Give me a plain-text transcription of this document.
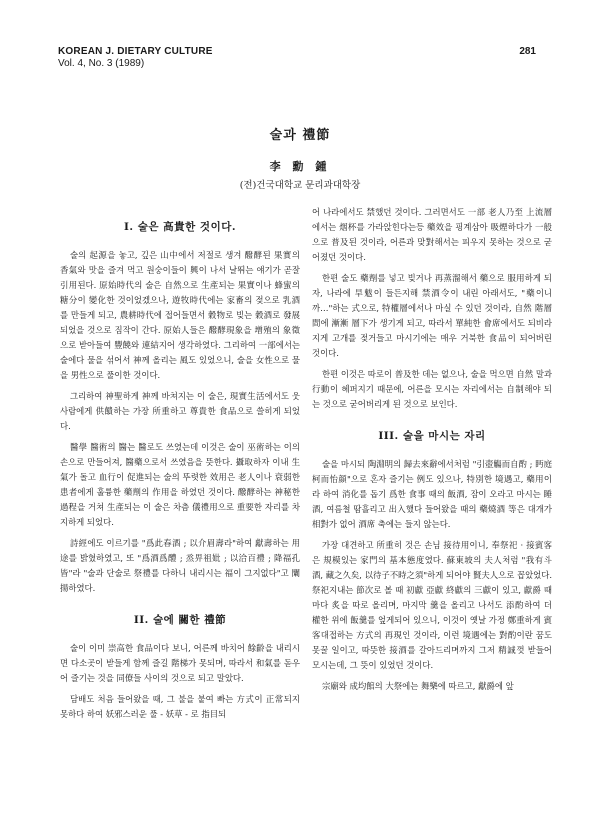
KOREAN J. DIETARY CULTURE
Vol. 4, No. 3 (1989)
281
술과 禮節
李 勳 鍾
(전)건국대학교 문리과대학장
I. 술은 高貴한 것이다.

술의 起源을 놓고, 깊은 山中에서 저절로 생겨 醱酵된 果實의 香氣와 맛을 즐겨 먹고 원숭이들이 興이 나서 날뛰는 얘기가 곧잘 引用된다. 原始時代의 술은 自然으로 生產되는 果實이나 蜂蜜의 糖分이 變化한 것이었겠으나, 遊牧時代에는 家畜의 젖으로 乳酒를 만들게 되고, 農耕時代에 접어들면서 穀物로 빚는 穀酒로 發展되었을 것으로 짐작이 간다. 原始人들은 醱酵現象을 增殖의 象徵으로 받아들여 豐饒와 連結지어 생각하였다. 그리하여 一部에서는 술에다 물을 섞어서 神께 올리는 風도 있었으니, 술을 女性으로 물을 男性으로 풀이한 것이다.

그리하여 神聖하게 神께 바쳐지는 이 술은, 現實生活에서도 웃사람에게 供饋하는 가장 所重하고 尊貴한 食品으로 쓸히게 되었다.

醫學 醫術의 醫는 醫로도 쓰였는데 이것은 술이 巫術하는 이의 손으로 만들어져, 醫藥으로서 쓰였음을 뜻한다. 攝取하자 이내 生氣가 돌고 血行이 促進되는 술의 뚜렷한 效用은 老人이나 衰弱한 患者에게 훌륭한 藥劑의 作用을 하였던 것이다. 醱酵하는 神秘한 過程을 거쳐 生產되는 이 술은 차츰 儀禮用으로 重要한 자리를 차지하게 되었다.

詩經에도 이르기를 "爲此春酒 ; 以介眉壽라"하여 獻壽하는 用途를 밝혔하였고, 또 "爲酒爲醴 ; 烝畀祖妣 ; 以洽百禮 ; 降福孔皆"라 "술과 단술로 祭禮를 다하니 내리시는 福이 그지없다"고 闡揚하였다.

II. 술에 關한 禮節

술이 이미 崇高한 食品이다 보니, 어른께 바치어 餘齡을 내리시면 다소곳이 받들게 함께 즐길 階梯가 못되며, 따라서 和氣를 돋우어 즐기는 것을 同僚들 사이의 것으로 되고 말았다.

담배도 처음 들어왔을 때, 그 불을 붙여 빠는 方式이 正常되지 못하다 하여 妖邪스러운 풀 - 妖草 - 로 指目되

어 나라에서도 禁했던 것이다. 그러면서도 一部 老人乃至 上流層에서는 烟杯를 가라앉힌다는등 藥效을 핑계삼아 吸煙하다가 一般으로 普及된 것이라, 어른과 맞對해서는 피우지 못하는 것으로 굳어졌던 것이다.

한편 술도 藥劑를 넣고 빚거나 再蒸溜해서 藥으로 服用하게 되자, 나라에 旱魃이 들든지해 禁酒令이 내린 아래서도, "藥이니까…"하는 式으로, 特權層에서나 마실 수 있던 것이라, 自然 階層間에 漸漸 層下가 생기게 되고, 따라서 單純한 會席에서도 되비라지게 고개를 젖거들고 마시기에는 매우 거북한 食品이 되어버린 것이다.

한편 이것은 따로이 普及한 데는 없으나, 술을 먹으면 自然 말과 行動이 헤퍼지기 때문에, 어른을 모시는 자리에서는 自制해야 되는 것으로 굳어버리게 된 것으로 보인다.

III. 술을 마시는 자리

술을 마시되 陶淵明의 歸去來辭에서처럼 "引壺觴而自酌 ; 眄庭柯而怡顔"으로 혼자 즐기는 例도 있으나, 特別한 境遇고, 藥用이라 하여 消化를 돕기 爲한 食事 때의 飯酒, 잠이 오라고 마시는 睡酒, 여름철 땀흘리고 出入했다 들어왔을 때의 藥燒酒 等은 대개가 相對가 없어 酒席 축에는 들지 않는다.

가장 대견하고 所重히 것은 손님 接待用이니, 奉祭祀 · 接賓客은 規模있는 家門의 基本態度였다. 蘇東坡의 夫人처럼 "我有斗酒, 藏之久矣, 以待子不時之須"하게 되어야 賢夫人으로 꼽았었다. 祭祀지내는 節次로 볼 때 初獻 亞獻 終獻의 三獻이 있고, 獻爵 때마다 炙을 따로 올리며, 마지막 羹을 올리고 나서도 添酌하여 더 權한 위에 飯羹를 엎게되어 있으니, 이것이 옛날 가정 鄭重하게 賓客대접하는 方式의 再現인 것이라, 이런 境遇에는 對酌이란 꿈도 못꿀 일이고, 따뜻한 接酒를 갈아드리며까지 그저 精誠껏 받들어 모시는데, 그 뜻이 있었던 것이다.

宗廟와 成均館의 大祭에는 舞樂에 따르고, 獻爵에 앞
